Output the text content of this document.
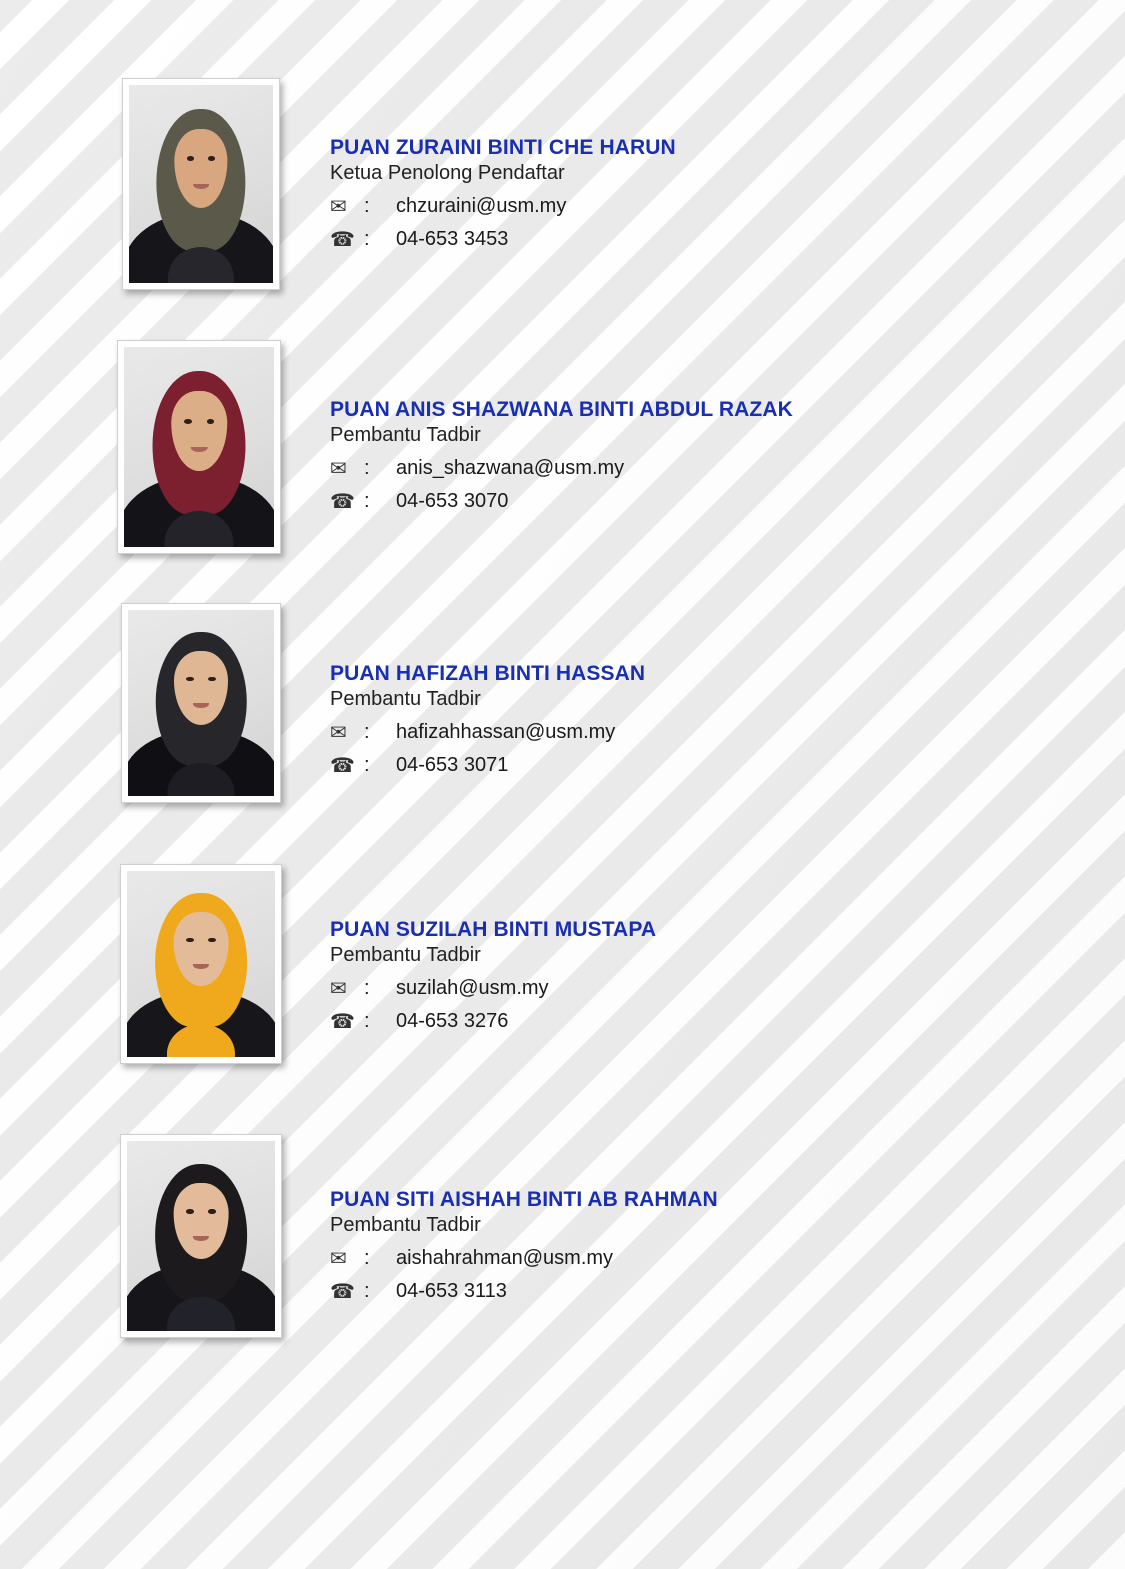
PUAN ZURAINI BINTI CHE HARUN
Ketua Penolong Pendaftar
✉ :	chzuraini@usm.my
☎ :	04-653 3453
PUAN ANIS SHAZWANA BINTI ABDUL RAZAK
Pembantu Tadbir
✉ :	anis_shazwana@usm.my
☎ :	04-653 3070
PUAN HAFIZAH BINTI HASSAN
Pembantu Tadbir
✉ :	hafizahhassan@usm.my
☎ :	04-653 3071
PUAN SUZILAH BINTI MUSTAPA
Pembantu Tadbir
✉ :	suzilah@usm.my
☎ :	04-653 3276
PUAN SITI AISHAH BINTI AB RAHMAN
Pembantu Tadbir
✉ :	aishahrahman@usm.my
☎ :	04-653 3113
